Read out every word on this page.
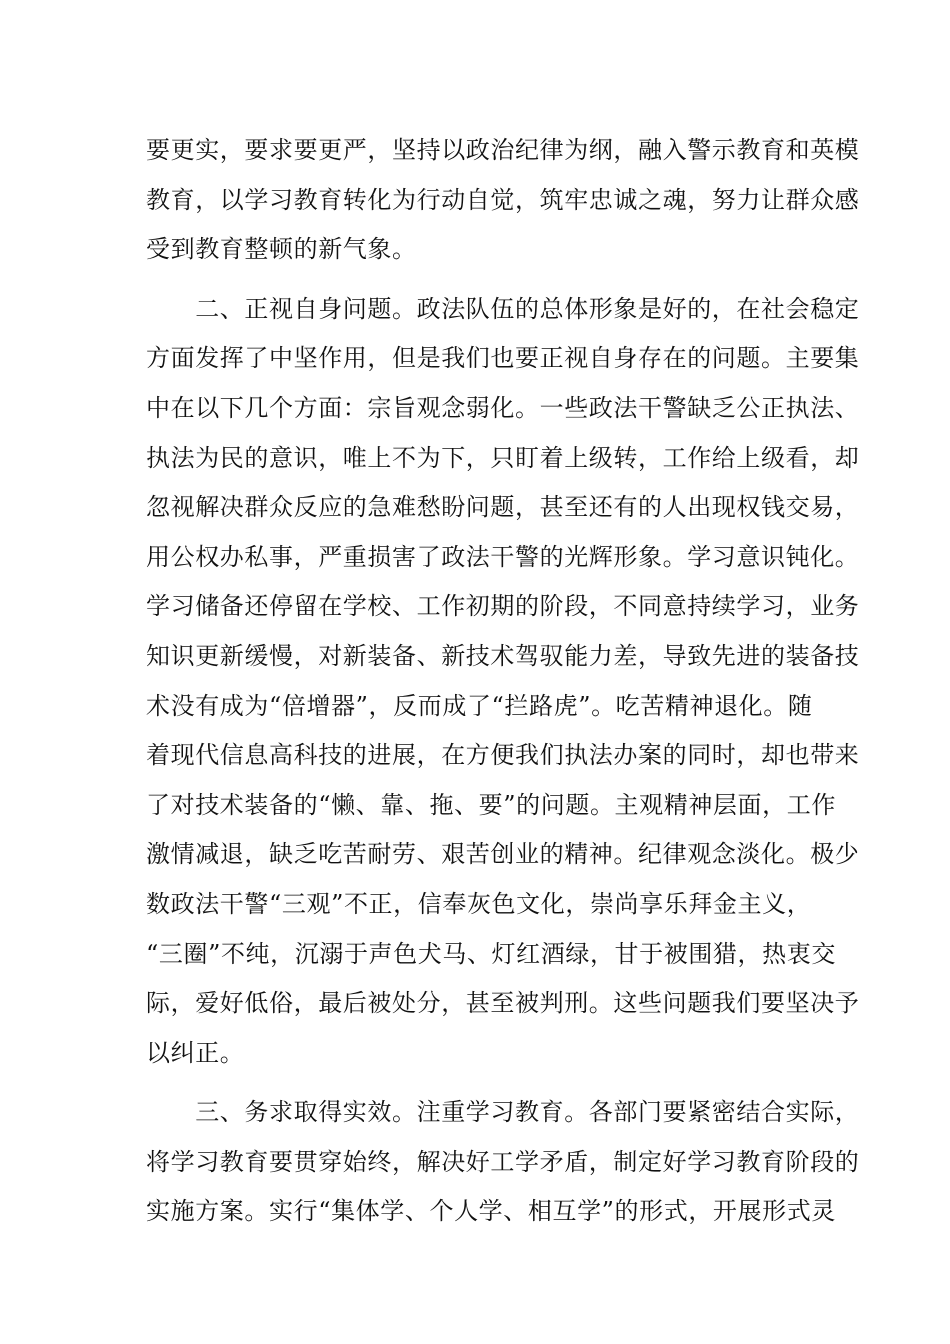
要更实，要求要更严，坚持以政治纪律为纲，融入警示教育和英模
教育，以学习教育转化为行动自觉，筑牢忠诚之魂，努力让群众感
受到教育整顿的新气象。
　　二、正视自身问题。政法队伍的总体形象是好的，在社会稳定
方面发挥了中坚作用，但是我们也要正视自身存在的问题。主要集
中在以下几个方面：宗旨观念弱化。一些政法干警缺乏公正执法、
执法为民的意识，唯上不为下，只盯着上级转，工作给上级看，却
忽视解决群众反应的急难愁盼问题，甚至还有的人出现权钱交易，
用公权办私事，严重损害了政法干警的光辉形象。学习意识钝化。
学习储备还停留在学校、工作初期的阶段，不同意持续学习，业务
知识更新缓慢，对新装备、新技术驾驭能力差，导致先进的装备技
术没有成为“倍增器”，反而成了“拦路虎”。吃苦精神退化。随
着现代信息高科技的进展，在方便我们执法办案的同时，却也带来
了对技术装备的“懒、靠、拖、要”的问题。主观精神层面，工作
激情减退，缺乏吃苦耐劳、艰苦创业的精神。纪律观念淡化。极少
数政法干警“三观”不正，信奉灰色文化，崇尚享乐拜金主义，
“三圈”不纯，沉溺于声色犬马、灯红酒绿，甘于被围猎，热衷交
际，爱好低俗，最后被处分，甚至被判刑。这些问题我们要坚决予
以纠正。
　　三、务求取得实效。注重学习教育。各部门要紧密结合实际，
将学习教育要贯穿始终，解决好工学矛盾，制定好学习教育阶段的
实施方案。实行“集体学、个人学、相互学”的形式，开展形式灵
